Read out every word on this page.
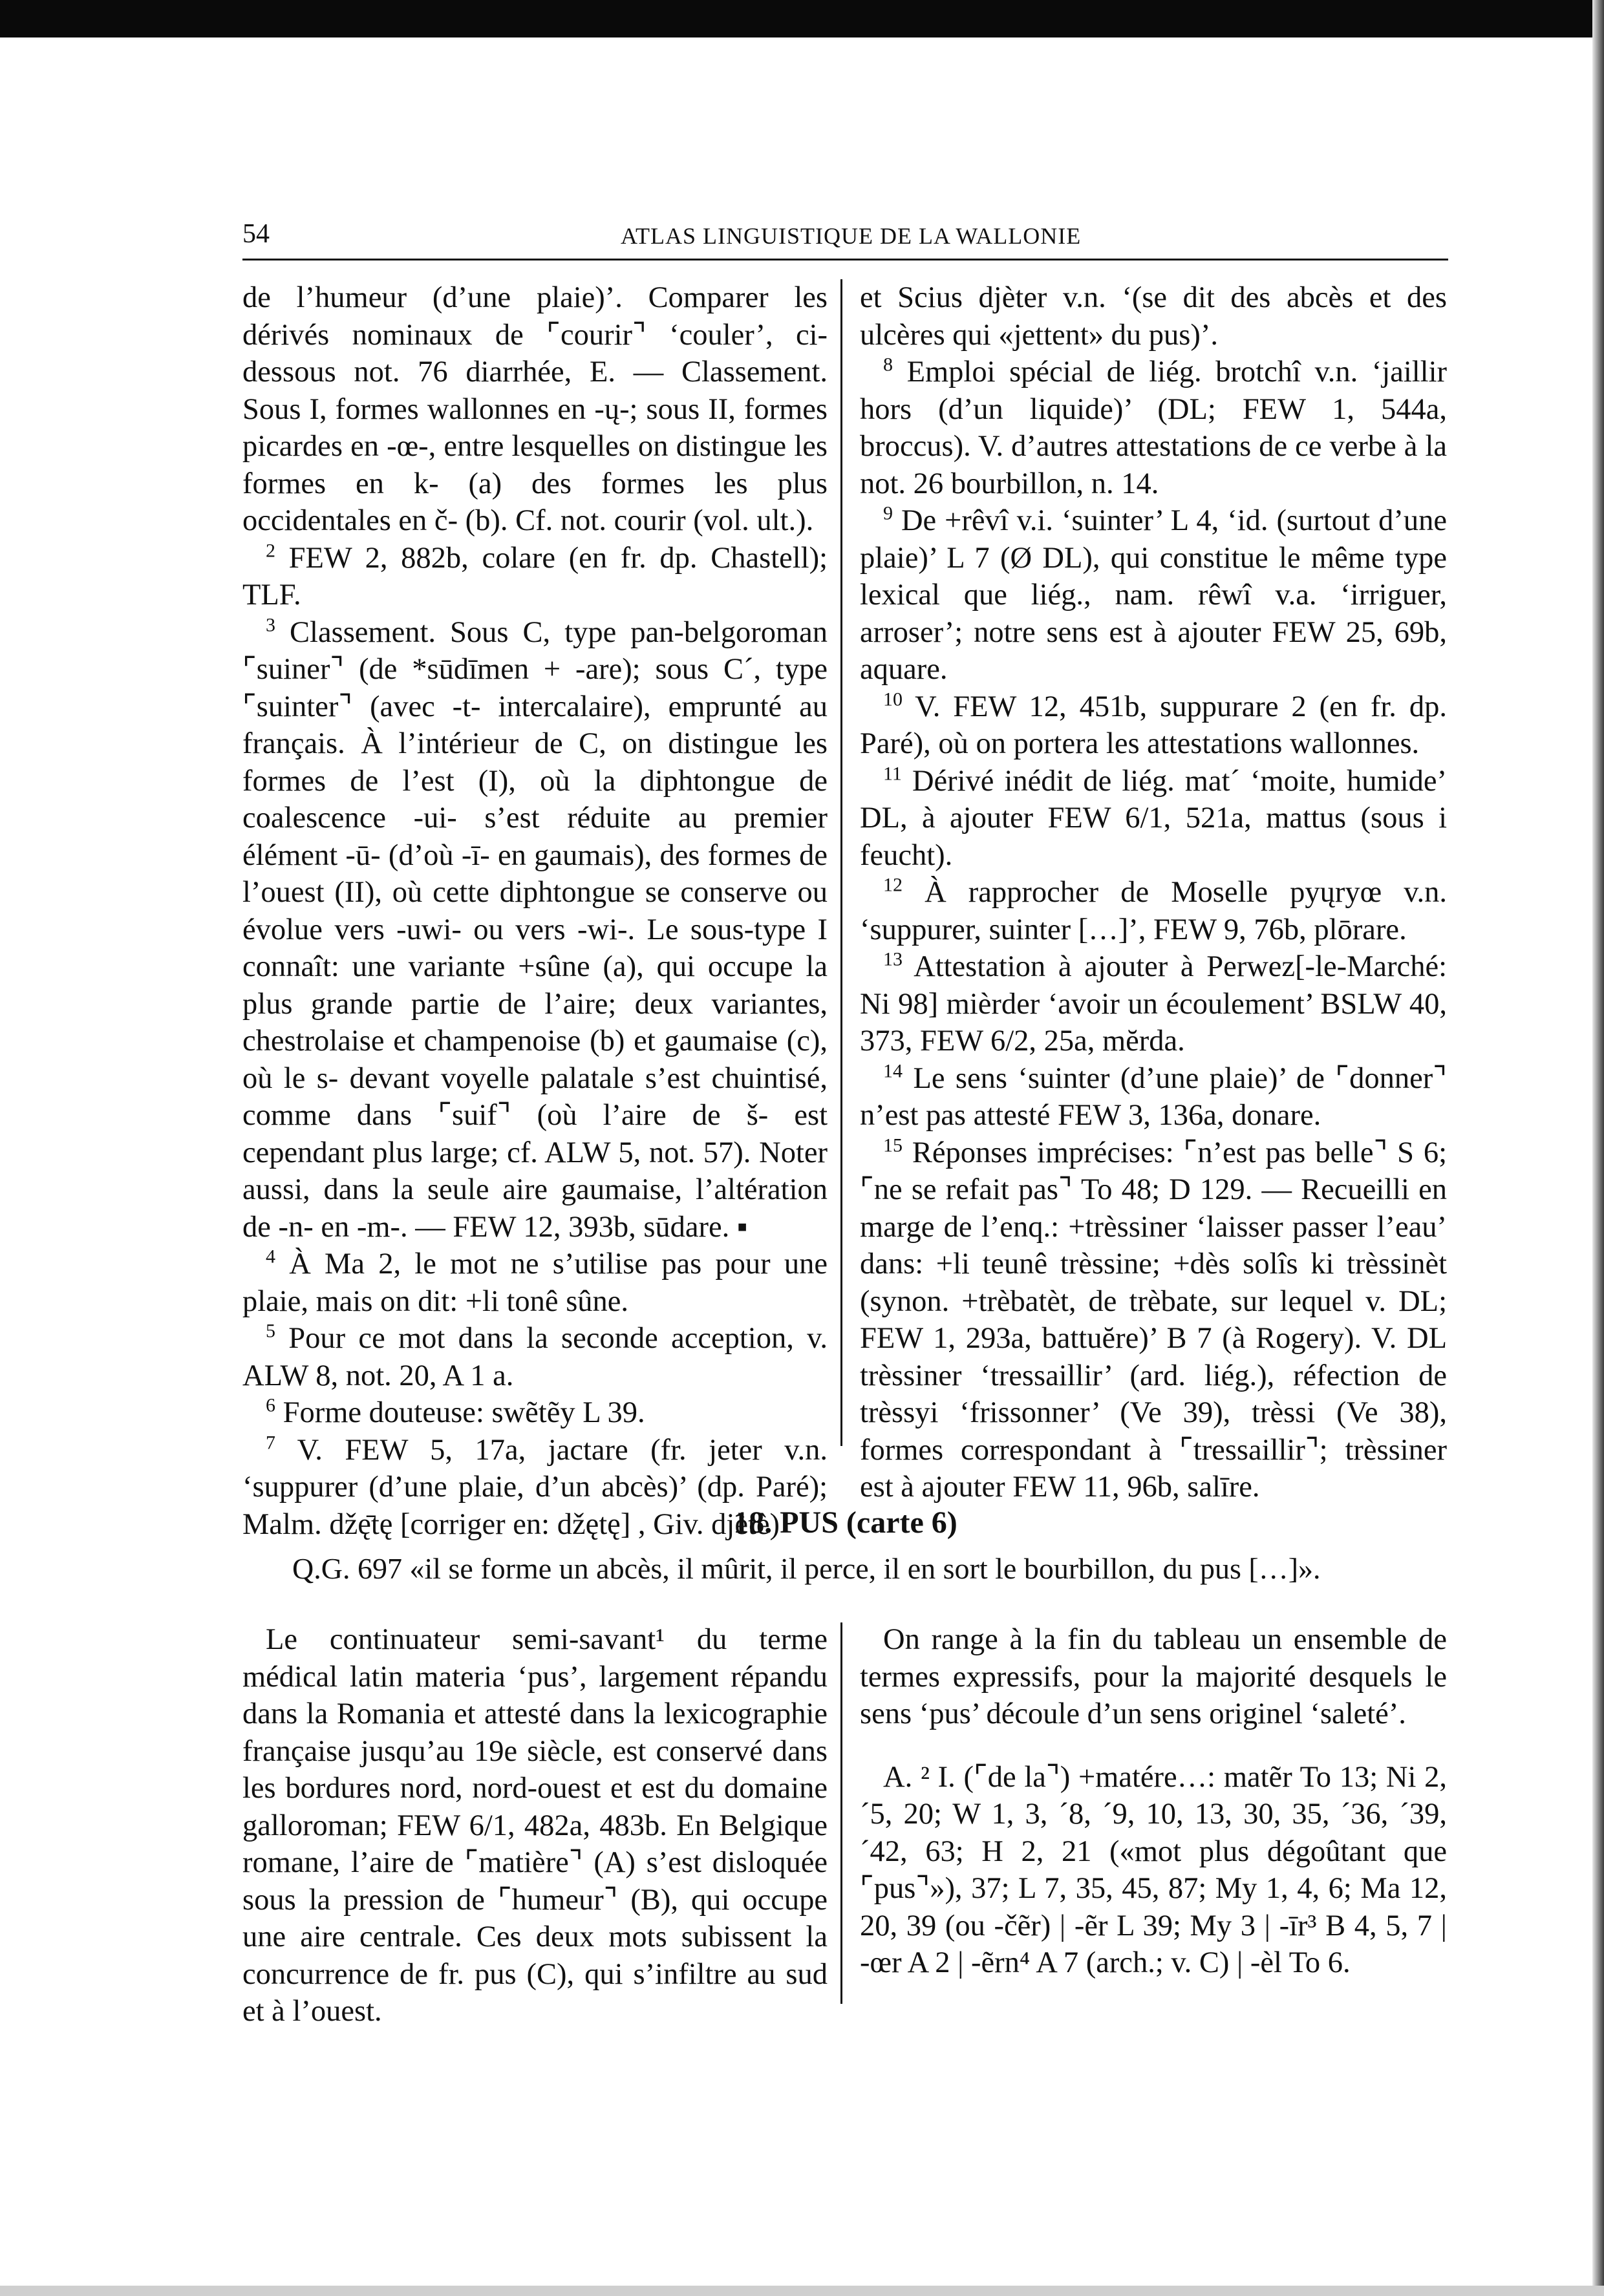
54	ATLAS LINGUISTIQUE DE LA WALLONIE

de l’humeur (d’une plaie)’. Comparer les dérivés nominaux de ⌜courir⌝ ‘couler’, ci-dessous not. 76 diarrhée, E. — Classement. Sous I, formes wallonnes en -ų-; sous II, formes picardes en -œ-, entre lesquelles on distingue les formes en k- (a) des formes les plus occidentales en č- (b). Cf. not. courir (vol. ult.).

$^2$ FEW 2, 882b, colare (en fr. dp. Chastell); TLF.

$^3$ Classement. Sous C, type pan-belgoroman ⌜suiner⌝ (de *sūdīmen + -are); sous C´, type ⌜suinter⌝ (avec -t- intercalaire), emprunté au français. À l’intérieur de C, on distingue les formes de l’est (I), où la diphtongue de coalescence -ui- s’est réduite au premier élément -ū- (d’où -ī- en gaumais), des formes de l’ouest (II), où cette diphtongue se conserve ou évolue vers -uwi- ou vers -wi-. Le sous-type I connaît: une variante +sûne (a), qui occupe la plus grande partie de l’aire; deux variantes, chestrolaise et champenoise (b) et gaumaise (c), où le s- devant voyelle palatale s’est chuintisé, comme dans ⌜suif⌝ (où l’aire de š- est cependant plus large; cf. ALW 5, not. 57). Noter aussi, dans la seule aire gaumaise, l’altération de -n- en -m-. — FEW 12, 393b, sūdare. ▪

$^4$ À Ma 2, le mot ne s’utilise pas pour une plaie, mais on dit: +li tonê sûne.

$^5$ Pour ce mot dans la seconde acception, v. ALW 8, not. 20, A 1 a.

$^6$ Forme douteuse: swẽtẽy L 39.

$^7$ V. FEW 5, 17a, jactare (fr. jeter v.n. ‘suppurer (d’une plaie, d’un abcès)’ (dp. Paré); Malm. džę̄tę [corriger en: džętę] , Giv. djètè)

et Scius djèter v.n. ‘(se dit des abcès et des ulcères qui «jettent» du pus)’.

$^8$ Emploi spécial de liég. brotchî v.n. ‘jaillir hors (d’un liquide)’ (DL; FEW 1, 544a, broccus). V. d’autres attestations de ce verbe à la not. 26 bourbillon, n. 14.

$^9$ De +rêvî v.i. ‘suinter’ L 4, ‘id. (surtout d’une plaie)’ L 7 (Ø DL), qui constitue le même type lexical que liég., nam. rêwî v.a. ‘irriguer, arroser’; notre sens est à ajouter FEW 25, 69b, aquare.

$^{10}$ V. FEW 12, 451b, suppurare 2 (en fr. dp. Paré), où on portera les attestations wallonnes.

$^{11}$ Dérivé inédit de liég. mat´ ‘moite, humide’ DL, à ajouter FEW 6/1, 521a, mattus (sous i feucht).

$^{12}$ À rapprocher de Moselle pyųryœ v.n. ‘suppurer, suinter […]’, FEW 9, 76b, plōrare.

$^{13}$ Attestation à ajouter à Perwez[-le-Marché: Ni 98] mièrder ‘avoir un écoulement’ BSLW 40, 373, FEW 6/2, 25a, mĕrda.

$^{14}$ Le sens ‘suinter (d’une plaie)’ de ⌜donner⌝ n’est pas attesté FEW 3, 136a, donare.

$^{15}$ Réponses imprécises: ⌜n’est pas belle⌝ S 6; ⌜ne se refait pas⌝ To 48; D 129. — Recueilli en marge de l’enq.: +trèssiner ‘laisser passer l’eau’ dans: +li teunê trèssine; +dès solîs ki trèssinèt (synon. +trèbatèt, de trèbate, sur lequel v. DL; FEW 1, 293a, battuĕre)’ B 7 (à Rogery). V. DL trèssiner ‘tressaillir’ (ard. liég.), réfection de trèssyi ‘frissonner’ (Ve 39), trèssi (Ve 38), formes correspondant à ⌜tressaillir⌝; trèssiner est à ajouter FEW 11, 96b, salīre.

18. PUS (carte 6)
Q.G. 697 «il se forme un abcès, il mûrit, il perce, il en sort le bourbillon, du pus […]».

Le continuateur semi-savant¹ du terme médical latin materia ‘pus’, largement répandu dans la Romania et attesté dans la lexicographie française jusqu’au 19e siècle, est conservé dans les bordures nord, nord-ouest et est du domaine galloroman; FEW 6/1, 482a, 483b. En Belgique romane, l’aire de ⌜matière⌝ (A) s’est disloquée sous la pression de ⌜humeur⌝ (B), qui occupe une aire centrale. Ces deux mots subissent la concurrence de fr. pus (C), qui s’infiltre au sud et à l’ouest.

On range à la fin du tableau un ensemble de termes expressifs, pour la majorité desquels le sens ‘pus’ découle d’un sens originel ‘saleté’.

A. ² I. (⌜de la⌝) +matére…: matẽr To 13; Ni 2, ´5, 20; W 1, 3, ´8, ´9, 10, 13, 30, 35, ´36, ´39, ´42, 63; H 2, 21 («mot plus dégoûtant que ⌜pus⌝»), 37; L 7, 35, 45, 87; My 1, 4, 6; Ma 12, 20, 39 (ou -čẽr) | -ẽr L 39; My 3 | -īr³ B 4, 5, 7 | -œr A 2 | -ẽrn⁴ A 7 (arch.; v. C) | -èl To 6.
